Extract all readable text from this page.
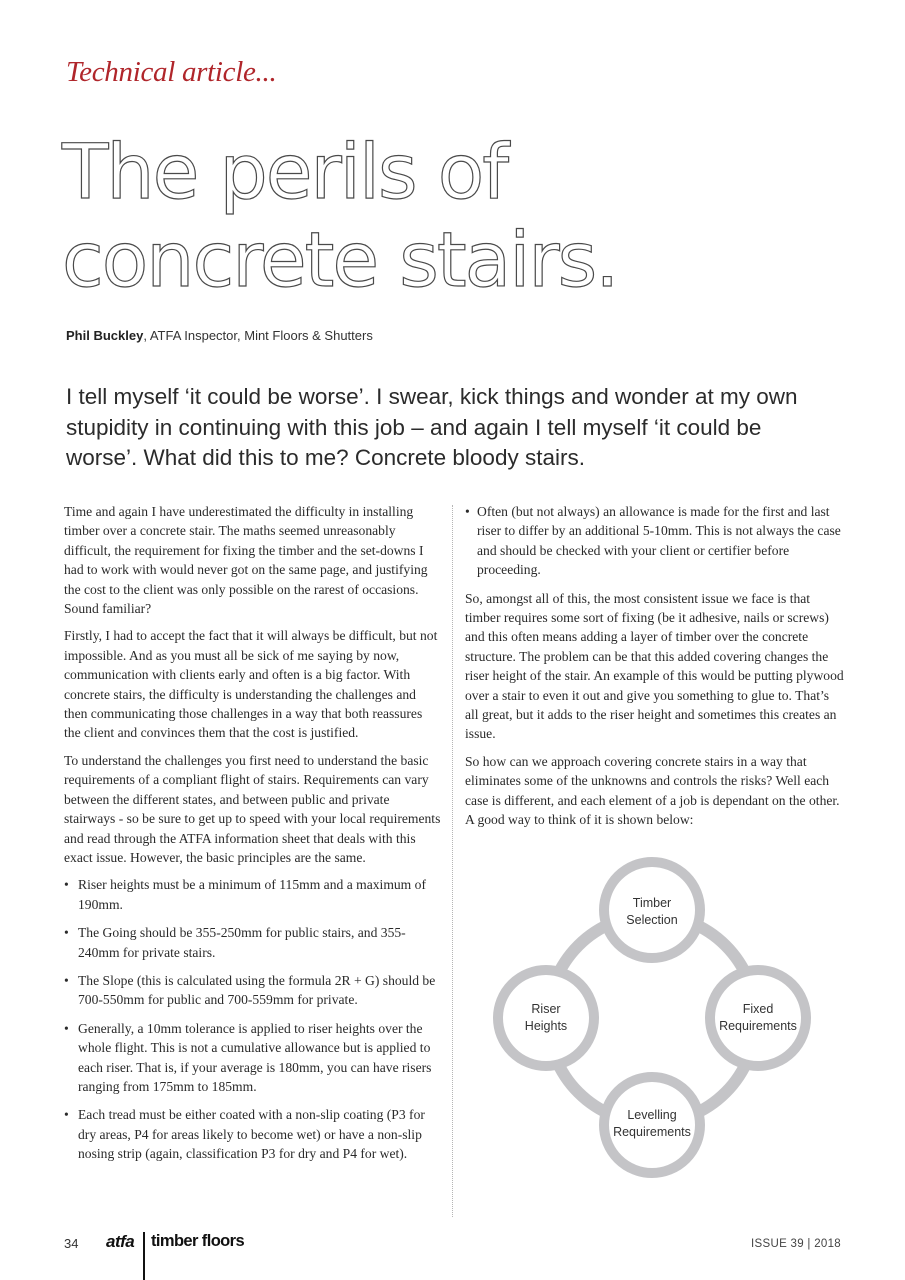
Technical article...
The perils of
concrete stairs.
Phil Buckley, ATFA Inspector, Mint Floors & Shutters

I tell myself ‘it could be worse’. I swear, kick things and wonder at my own stupidity in continuing with this job – and again I tell myself ‘it could be worse’. What did this to me? Concrete bloody stairs.

Time and again I have underestimated the difficulty in installing timber over a concrete stair. The maths seemed unreasonably difficult, the requirement for fixing the timber and the set-downs I had to work with would never got on the same page, and justifying the cost to the client was only possible on the rarest of occasions. Sound familiar?

Firstly, I had to accept the fact that it will always be difficult, but not impossible. And as you must all be sick of me saying by now, communication with clients early and often is a big factor. With concrete stairs, the difficulty is understanding the challenges and then communicating those challenges in a way that both reassures the client and convinces them that the cost is justified.

To understand the challenges you first need to understand the basic requirements of a compliant flight of stairs. Requirements can vary between the different states, and between public and private stairways - so be sure to get up to speed with your local requirements and read through the ATFA information sheet that deals with this exact issue. However, the basic principles are the same.

• Riser heights must be a minimum of 115mm and a maximum of 190mm.
• The Going should be 355-250mm for public stairs, and 355-240mm for private stairs.
• The Slope (this is calculated using the formula 2R + G) should be 700-550mm for public and 700-559mm for private.
• Generally, a 10mm tolerance is applied to riser heights over the whole flight. This is not a cumulative allowance but is applied to each riser. That is, if your average is 180mm, you can have risers ranging from 175mm to 185mm.
• Each tread must be either coated with a non-slip coating (P3 for dry areas, P4 for areas likely to become wet) or have a non-slip nosing strip (again, classification P3 for dry and P4 for wet).
• Often (but not always) an allowance is made for the first and last riser to differ by an additional 5-10mm. This is not always the case and should be checked with your client or certifier before proceeding.

So, amongst all of this, the most consistent issue we face is that timber requires some sort of fixing (be it adhesive, nails or screws) and this often means adding a layer of timber over the concrete structure. The problem can be that this added covering changes the riser height of the stair. An example of this would be putting plywood over a stair to even it out and give you something to glue to. That’s all great, but it adds to the riser height and sometimes this creates an issue.

So how can we approach covering concrete stairs in a way that eliminates some of the unknowns and controls the risks? Well each case is different, and each element of a job is dependant on the other. A good way to think of it is shown below:

Timber
Selection
Riser
Heights
Fixed
Requirements
Levelling
Requirements
34 atfa timber floors	ISSUE 39 | 2018
